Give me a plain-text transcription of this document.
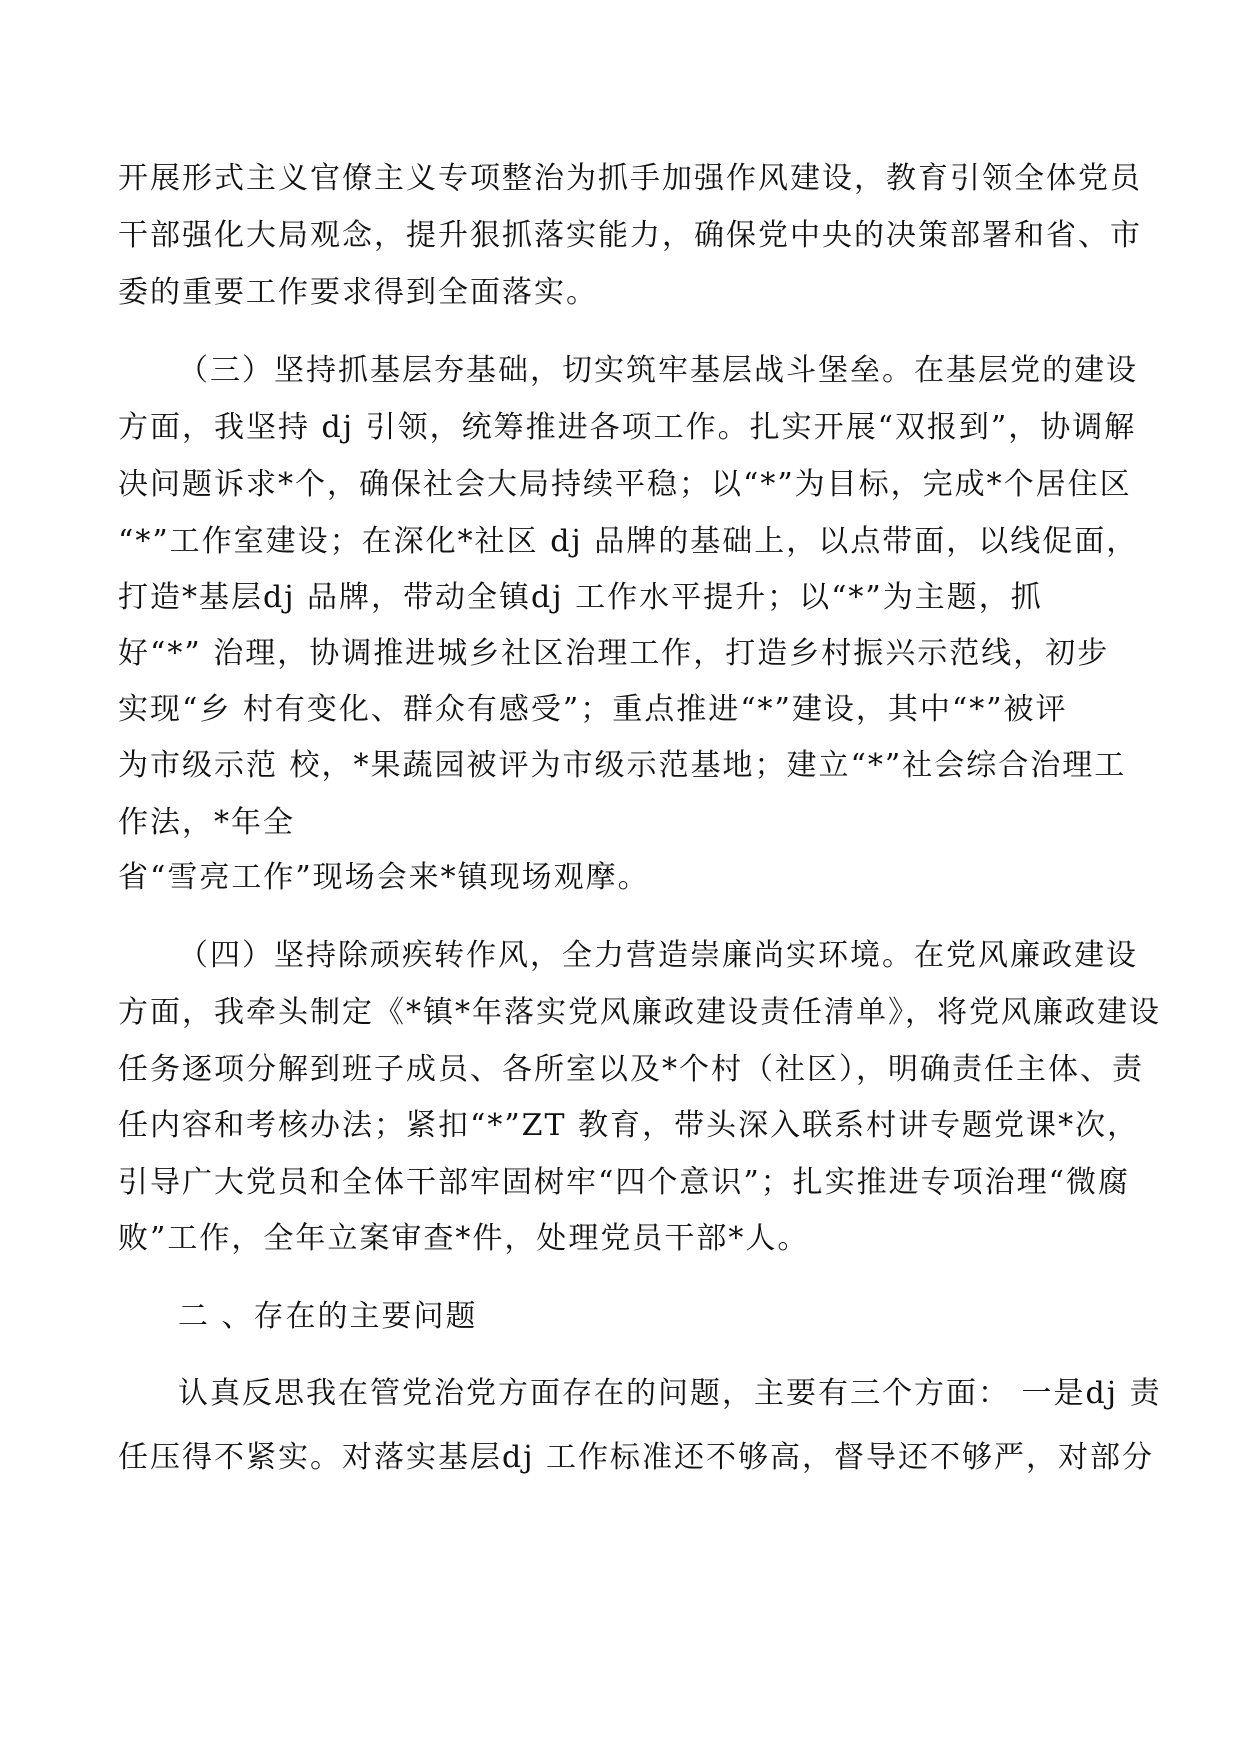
开展形式主义官僚主义专项整治为抓手加强作风建设，教育引领全体党员
干部强化大局观念，提升狠抓落实能力，确保党中央的决策部署和省、市
委的重要工作要求得到全面落实。
（三）坚持抓基层夯基础，切实筑牢基层战斗堡垒。在基层党的建设
方面，我坚持 dj 引领，统筹推进各项工作。扎实开展“双报到”，协调解
决问题诉求*个，确保社会大局持续平稳；以“*”为目标，完成*个居住区
“*”工作室建设；在深化*社区 dj 品牌的基础上，以点带面，以线促面，
打造*基层dj 品牌，带动全镇dj 工作水平提升；以“*”为主题，抓
好“*” 治理，协调推进城乡社区治理工作，打造乡村振兴示范线，初步
实现“乡 村有变化、群众有感受”；重点推进“*”建设，其中“*”被评
为市级示范 校，*果蔬园被评为市级示范基地；建立“*”社会综合治理工
作法，*年全
省“雪亮工作”现场会来*镇现场观摩。
（四）坚持除顽疾转作风，全力营造崇廉尚实环境。在党风廉政建设
方面，我牵头制定《*镇*年落实党风廉政建设责任清单》，将党风廉政建设
任务逐项分解到班子成员、各所室以及*个村（社区），明确责任主体、责
任内容和考核办法；紧扣“*”ZT 教育，带头深入联系村讲专题党课*次，
引导广大党员和全体干部牢固树牢“四个意识”；扎实推进专项治理“微腐
败”工作，全年立案审查*件，处理党员干部*人。
二 、存在的主要问题
认真反思我在管党治党方面存在的问题，主要有三个方面： 一是dj 责
任压得不紧实。对落实基层dj 工作标准还不够高，督导还不够严，对部分
